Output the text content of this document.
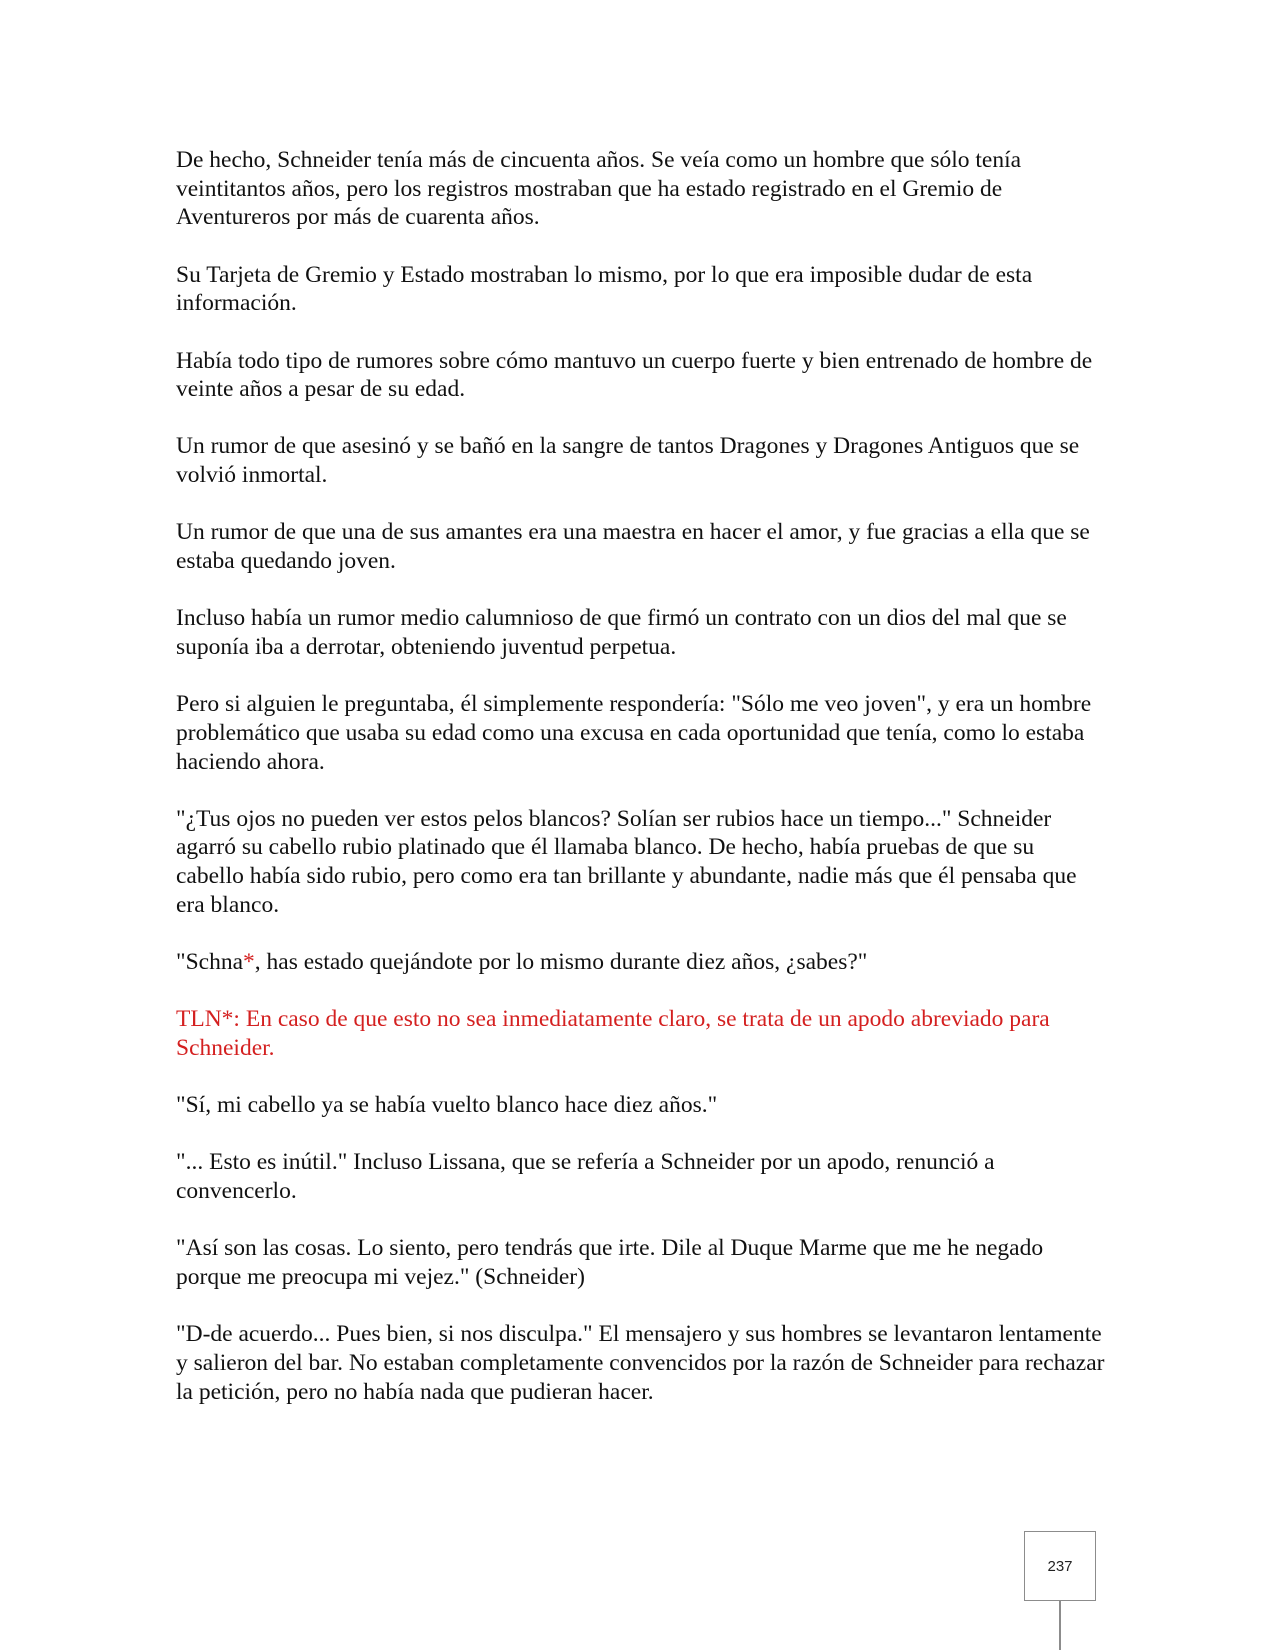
De hecho, Schneider tenía más de cincuenta años. Se veía como un hombre que sólo tenía veintitantos años, pero los registros mostraban que ha estado registrado en el Gremio de Aventureros por más de cuarenta años.

Su Tarjeta de Gremio y Estado mostraban lo mismo, por lo que era imposible dudar de esta información.

Había todo tipo de rumores sobre cómo mantuvo un cuerpo fuerte y bien entrenado de hombre de veinte años a pesar de su edad.

Un rumor de que asesinó y se bañó en la sangre de tantos Dragones y Dragones Antiguos que se volvió inmortal.

Un rumor de que una de sus amantes era una maestra en hacer el amor, y fue gracias a ella que se estaba quedando joven.

Incluso había un rumor medio calumnioso de que firmó un contrato con un dios del mal que se suponía iba a derrotar, obteniendo juventud perpetua.

Pero si alguien le preguntaba, él simplemente respondería: "Sólo me veo joven", y era un hombre problemático que usaba su edad como una excusa en cada oportunidad que tenía, como lo estaba haciendo ahora.

"¿Tus ojos no pueden ver estos pelos blancos? Solían ser rubios hace un tiempo..." Schneider agarró su cabello rubio platinado que él llamaba blanco. De hecho, había pruebas de que su cabello había sido rubio, pero como era tan brillante y abundante, nadie más que él pensaba que era blanco.

"Schna*, has estado quejándote por lo mismo durante diez años, ¿sabes?"

TLN*: En caso de que esto no sea inmediatamente claro, se trata de un apodo abreviado para Schneider.

"Sí, mi cabello ya se había vuelto blanco hace diez años."

"... Esto es inútil." Incluso Lissana, que se refería a Schneider por un apodo, renunció a convencerlo.

"Así son las cosas. Lo siento, pero tendrás que irte. Dile al Duque Marme que me he negado porque me preocupa mi vejez." (Schneider)

"D-de acuerdo... Pues bien, si nos disculpa." El mensajero y sus hombres se levantaron lentamente y salieron del bar. No estaban completamente convencidos por la razón de Schneider para rechazar la petición, pero no había nada que pudieran hacer.

237
